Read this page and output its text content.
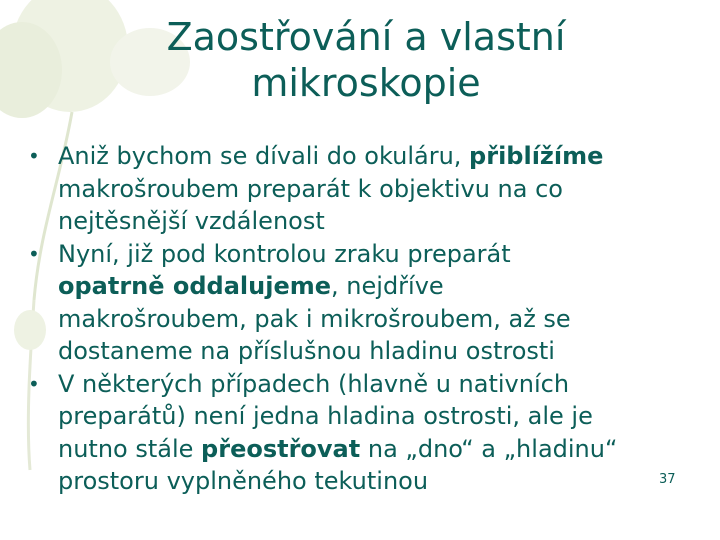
Zaostřování a vlastní
mikroskopie
• Aniž bychom se dívali do okuláru, přiblížíme
makrošroubem preparát k objektivu na co
nejtěsnější vzdálenost
• Nyní, již pod kontrolou zraku preparát
opatrně oddalujeme, nejdříve
makrošroubem, pak i mikrošroubem, až se
dostaneme na příslušnou hladinu ostrosti
• V některých případech (hlavně u nativních
preparátů) není jedna hladina ostrosti, ale je
nutno stále přeostřovat na „dno“ a „hladinu“
prostoru vyplněného tekutinou	37
